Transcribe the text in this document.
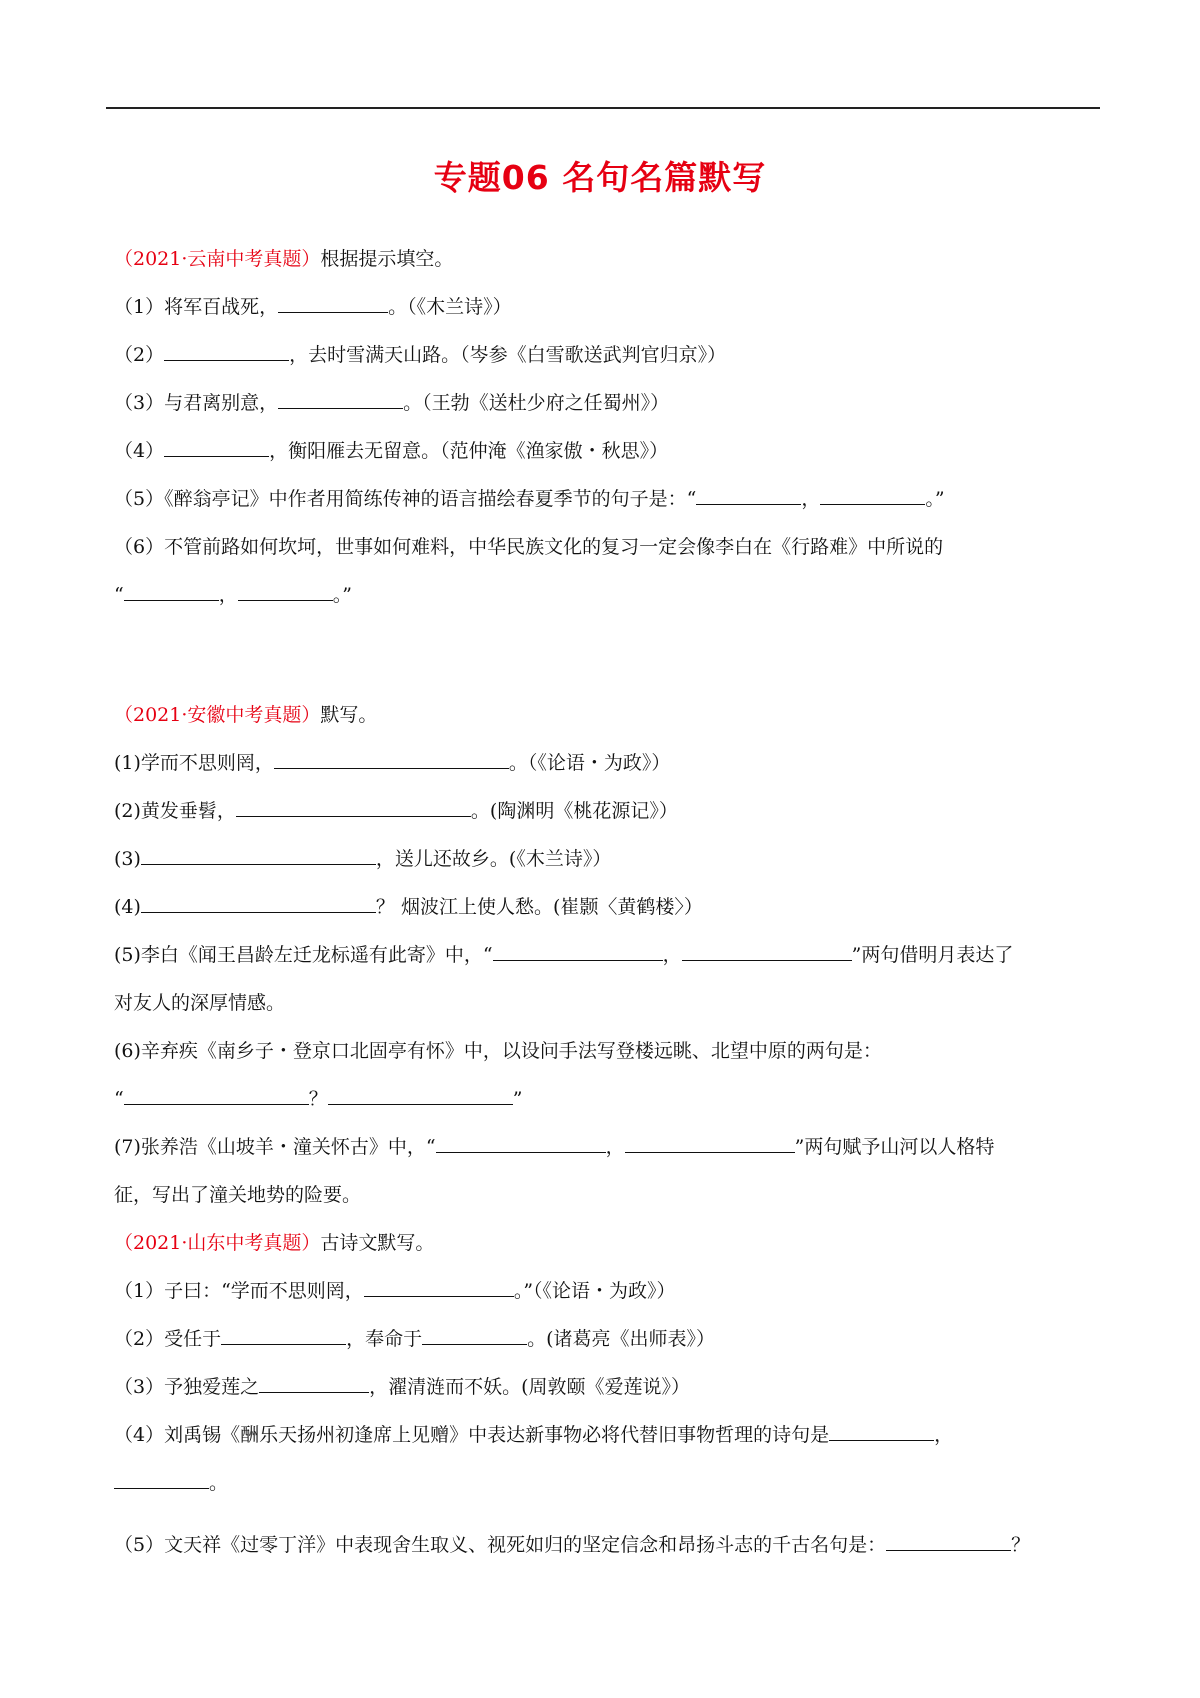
专题06 名句名篇默写
（2021·云南中考真题）根据提示填空。
（1）将军百战死，	。（《木兰诗》）
（2）	，去时雪满天山路。（岑参《白雪歌送武判官归京》）
（3）与君离别意，	。（王勃《送杜少府之任蜀州》）
（4）	，衡阳雁去无留意。（范仲淹《渔家傲・秋思》）
（5）《醉翁亭记》中作者用简练传神的语言描绘春夏季节的句子是：“	，	。”
（6）不管前路如何坎坷，世事如何难料，中华民族文化的复习一定会像李白在《行路难》中所说的
“	，	。”
（2021·安徽中考真题）默写。
(1)学而不思则罔，	。（《论语・为政》）
(2)黄发垂髫，	。(陶渊明《桃花源记》）
(3)	，送儿还故乡。(《木兰诗》）
(4)	？ 烟波江上使人愁。(崔颢〈黄鹤楼〉）
(5)李白《闻王昌龄左迁龙标遥有此寄》中，“	，	”两句借明月表达了
对友人的深厚情感。
(6)辛弃疾《南乡子・登京口北固亭有怀》中，以设问手法写登楼远眺、北望中原的两句是：
“	？	”
(7)张养浩《山坡羊・潼关怀古》中，“	，	”两句赋予山河以人格特
征，写出了潼关地势的险要。
（2021·山东中考真题）古诗文默写。
（1）子曰：“学而不思则罔，	。”（《论语・为政》）
（2）受任于	，奉命于	。(诸葛亮《出师表》）
（3）予独爱莲之	，濯清涟而不妖。(周敦颐《爱莲说》）
（4）刘禹锡《酬乐天扬州初逢席上见赠》中表达新事物必将代替旧事物哲理的诗句是	，
。
（5）文天祥《过零丁洋》中表现舍生取义、视死如归的坚定信念和昂扬斗志的千古名句是：	？
